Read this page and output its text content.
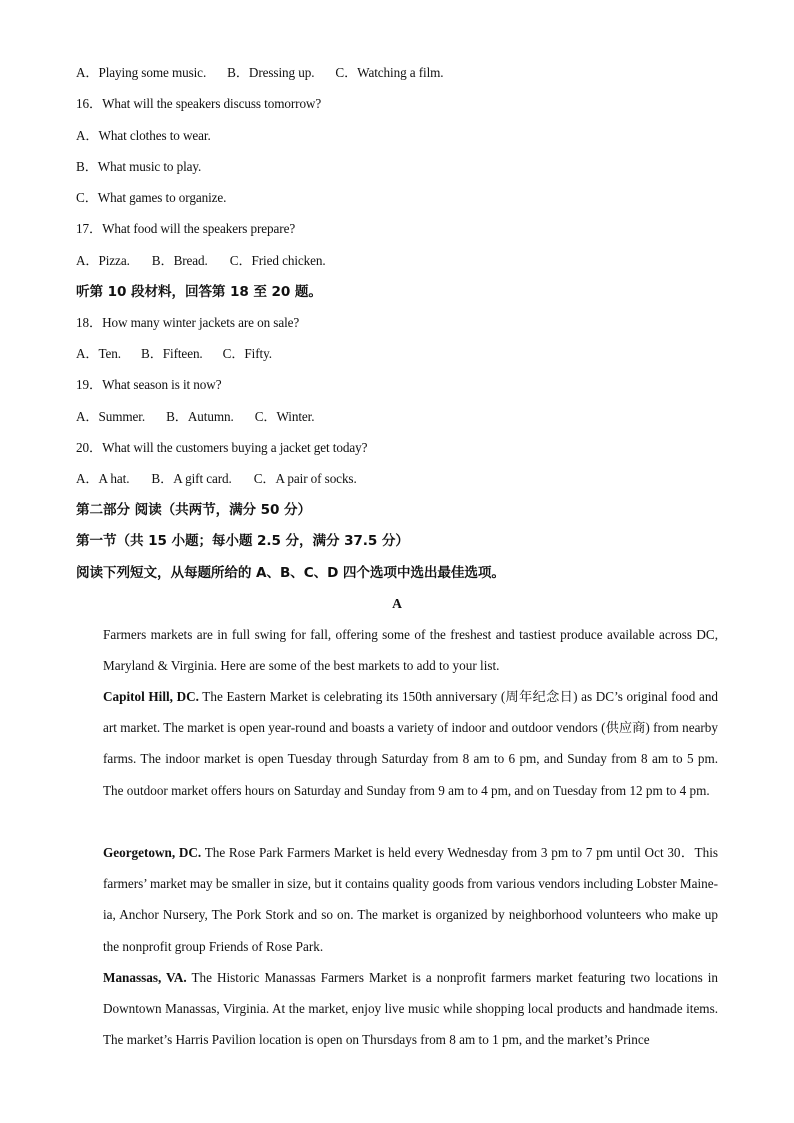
A．Playing some music. B．Dressing up. C．Watching a film.
16．What will the speakers discuss tomorrow?
A．What clothes to wear.
B．What music to play.
C．What games to organize.
17．What food will the speakers prepare?
A．Pizza. B．Bread. C．Fried chicken.
听第 10 段材料，回答第 18 至 20 题。
18．How many winter jackets are on sale?
A．Ten. B．Fifteen. C．Fifty.
19．What season is it now?
A．Summer. B．Autumn. C．Winter.
20．What will the customers buying a jacket get today?
A．A hat. B．A gift card. C．A pair of socks.
第二部分 阅读（共两节，满分 50 分）
第一节（共 15 小题；每小题 2.5 分，满分 37.5 分）
阅读下列短文，从每题所给的 A、B、C、D 四个选项中选出最佳选项。
A
Farmers markets are in full swing for fall, offering some of the freshest and tastiest produce available across DC, Maryland & Virginia. Here are some of the best markets to add to your list.
Capitol Hill, DC. The Eastern Market is celebrating its 150th anniversary (周年纪念日) as DC’s original food and art market. The market is open year-round and boasts a variety of indoor and outdoor vendors (供应商) from nearby farms. The indoor market is open Tuesday through Saturday from 8 am to 6 pm, and Sunday from 8 am to 5 pm. The outdoor market offers hours on Saturday and Sunday from 9 am to 4 pm, and on Tuesday from 12 pm to 4 pm.
Georgetown, DC. The Rose Park Farmers Market is held every Wednesday from 3 pm to 7 pm until Oct 30．This farmers’ market may be smaller in size, but it contains quality goods from various vendors including Lobster Maine-ia, Anchor Nursery, The Pork Stork and so on. The market is organized by neighborhood volunteers who make up the nonprofit group Friends of Rose Park.
Manassas, VA. The Historic Manassas Farmers Market is a nonprofit farmers market featuring two locations in Downtown Manassas, Virginia. At the market, enjoy live music while shopping local products and handmade items. The market’s Harris Pavilion location is open on Thursdays from 8 am to 1 pm, and the market’s Prince
